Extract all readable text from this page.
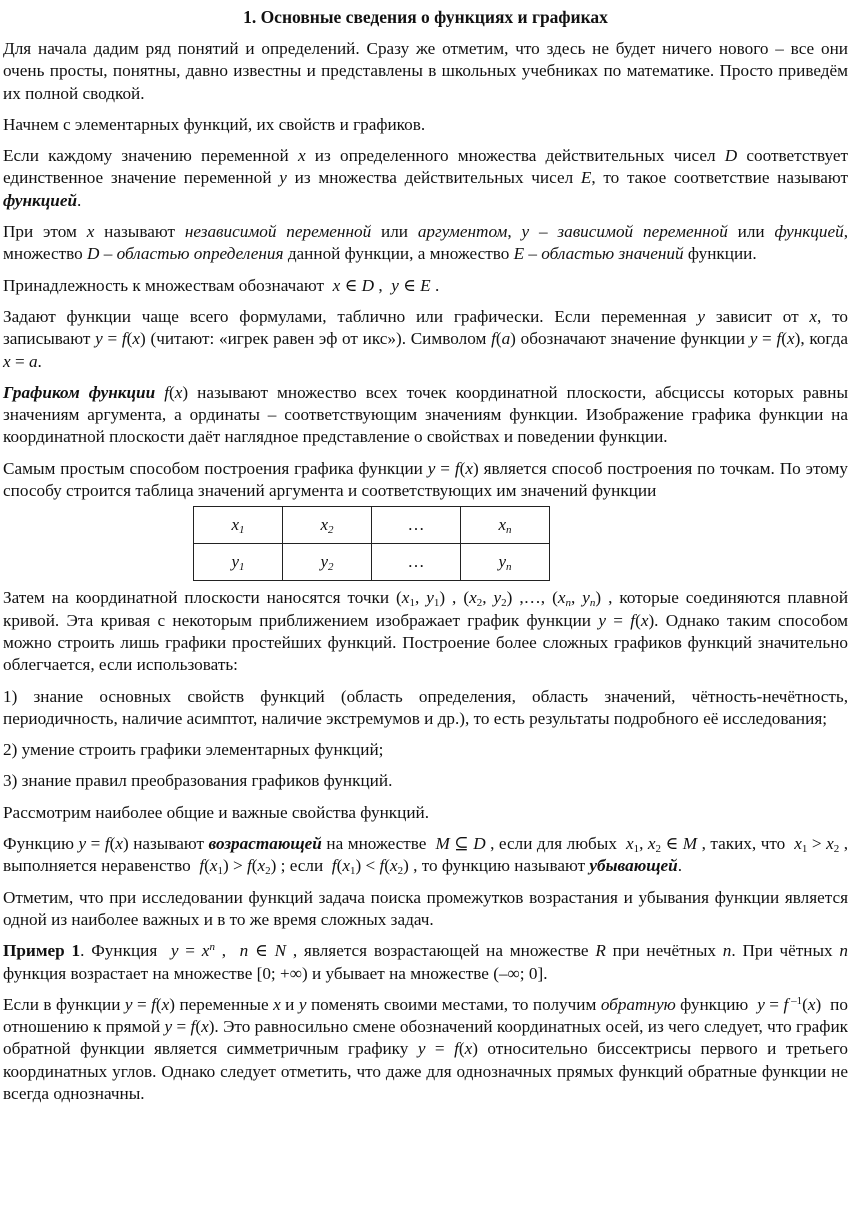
1. Основные сведения о функциях и графиках

Для начала дадим ряд понятий и определений. Сразу же отметим, что здесь не будет ничего нового – все они очень просты, понятны, давно известны и представлены в школьных учебниках по математике. Просто приведём их полной сводкой.

Начнем с элементарных функций, их свойств и графиков.

Если каждому значению переменной x из определенного множества действительных чисел D соответствует единственное значение переменной y из множества действительных чисел E, то такое соответствие называют функцией.

При этом x называют независимой переменной или аргументом, y – зависимой переменной или функцией, множество D – областью определения данной функции, а множество E – областью значений функции.

Принадлежность к множествам обозначают  x ∈ D ,  y ∈ E .

Задают функции чаще всего формулами, таблично или графически. Если переменная y зависит от x, то записывают y = f(x) (читают: «игрек равен эф от икс»). Символом f(a) обозначают значение функции y = f(x), когда x = a.

Графиком функции f(x) называют множество всех точек координатной плоскости, абсциссы которых равны значениям аргумента, а ординаты – соответствующим значениям функции. Изображение графика функции на координатной плоскости даёт наглядное представление о свойствах и поведении функции.

Самым простым способом построения графика функции y = f(x) является способ построения по точкам. По этому способу строится таблица значений аргумента и соответствующих им значений функции

$x_1$	$x_2$	…	$x_n$
$y_1$	$y_2$	…	$y_n$

Затем на координатной плоскости наносятся точки ($x_1$, $y_1$) , ($x_2$, $y_2$) ,…, ($x_n$, $y_n$) , которые соединяются плавной кривой. Эта кривая с некоторым приближением изображает график функции y = f(x). Однако таким способом можно строить лишь графики простейших функций. Построение более сложных графиков функций значительно облегчается, если использовать:

1) знание основных свойств функций (область определения, область значений, чётность-нечётность, периодичность, наличие асимптот, наличие экстремумов и др.), то есть результаты подробного её исследования;

2) умение строить графики элементарных функций;

3) знание правил преобразования графиков функций.

Рассмотрим наиболее общие и важные свойства функций.

Функцию y = f(x) называют возрастающей на множестве  M ⊆ D , если для любых  $x_1$, $x_2$ ∈ M , таких, что  $x_1 > x_2$ , выполняется неравенство  $f(x_1) > f(x_2)$ ; если  $f(x_1) < f(x_2)$ , то функцию называют убывающей.

Отметим, что при исследовании функций задача поиска промежутков возрастания и убывания функции является одной из наиболее важных и в то же время сложных задач.

Пример 1. Функция  $y = x^n$ ,  n ∈ N , является возрастающей на множестве R при нечётных n. При чётных n функция возрастает на множестве [0; +∞) и убывает на множестве (–∞; 0].

Если в функции y = f(x) переменные x и y поменять своими местами, то получим обратную функцию  y = f $^{-1}$(x)  по отношению к прямой y = f(x). Это равносильно смене обозначений координатных осей, из чего следует, что график обратной функции является симметричным графику y = f(x) относительно биссектрисы первого и третьего координатных углов. Однако следует отметить, что даже для однозначных прямых функций обратные функции не всегда однозначны.
